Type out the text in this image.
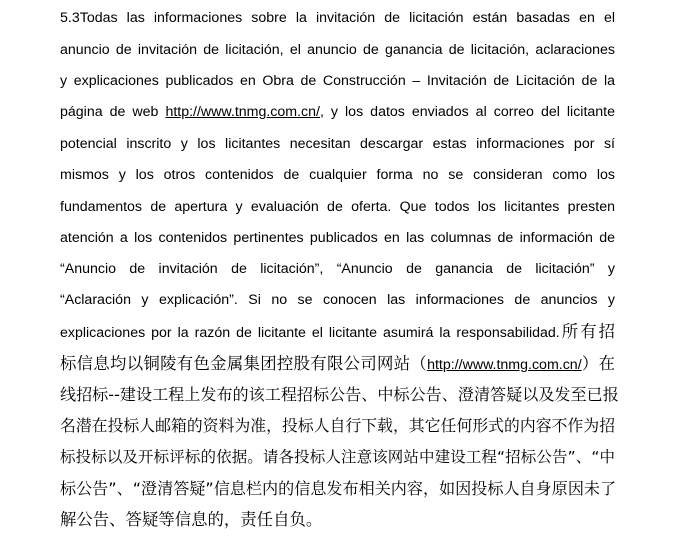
5.3Todas las informaciones sobre la invitación de licitación están basadas en el
anuncio de invitación de licitación, el anuncio de ganancia de licitación, aclaraciones
y explicaciones publicados en Obra de Construcción – Invitación de Licitación de la
página de web http://www.tnmg.com.cn/, y los datos enviados al correo del licitante
potencial inscrito y los licitantes necesitan descargar estas informaciones por sí
mismos y los otros contenidos de cualquier forma no se consideran como los
fundamentos de apertura y evaluación de oferta. Que todos los licitantes presten
atención a los contenidos pertinentes publicados en las columnas de información de
“Anuncio de invitación de licitación”, “Anuncio de ganancia de licitación” y
“Aclaración y explicación”. Si no se conocen las informaciones de anuncios y
explicaciones por la razón de licitante el licitante asumirá la responsabilidad.所有招
标信息均以铜陵有色金属集团控股有限公司网站（http://www.tnmg.com.cn/）在
线招标--建设工程上发布的该工程招标公告、中标公告、澄清答疑以及发至已报
名潜在投标人邮箱的资料为准，投标人自行下载，其它任何形式的内容不作为招
标投标以及开标评标的依据。请各投标人注意该网站中建设工程“招标公告”、“中
标公告”、“澄清答疑”信息栏内的信息发布相关内容，如因投标人自身原因未了
解公告、答疑等信息的，责任自负。
